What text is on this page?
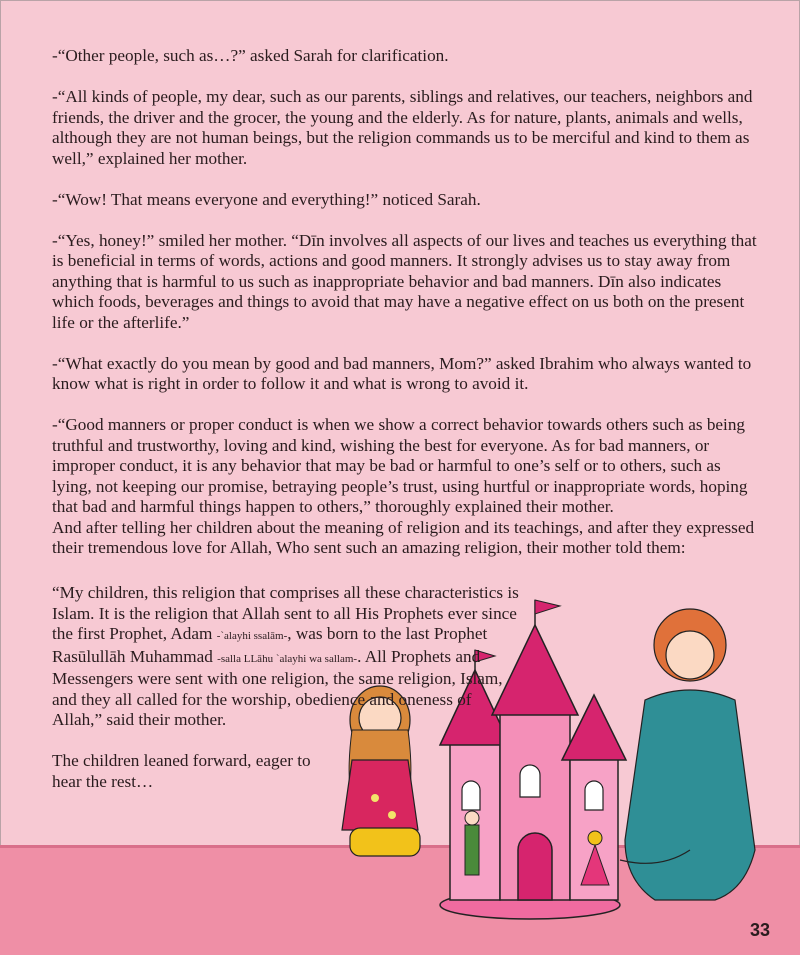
-“Other people, such as…?” asked Sarah for clarification.

-“All kinds of people, my dear, such as our parents, siblings and relatives, our teachers, neighbors and friends, the driver and the grocer, the young and the elderly. As for nature, plants, animals and wells, although they are not human beings, but the religion commands us to be merciful and kind to them as well,” explained her mother.

-“Wow! That means everyone and everything!” noticed Sarah.

-“Yes, honey!” smiled her mother. “Dīn involves all aspects of our lives and teaches us everything that is beneficial in terms of words, actions and good manners. It strongly advises us to stay away from anything that is harmful to us such as inappropriate behavior and bad manners. Dīn also indicates which foods, beverages and things to avoid that may have a negative effect on us both on the present life or the afterlife.”

-“What exactly do you mean by good and bad manners, Mom?” asked Ibrahim who always wanted to know what is right in order to follow it and what is wrong to avoid it.

-“Good manners or proper conduct is when we show a correct behavior towards others such as being truthful and trustworthy, loving and kind, wishing the best for everyone. As for bad manners, or improper conduct, it is any behavior that may be bad or harmful to one’s self or to others, such as lying, not keeping our promise, betraying people’s trust, using hurtful or inappropriate words, hoping that bad and harmful things happen to others,” thoroughly explained their mother.

And after telling her children about the meaning of religion and its teachings, and after they expressed their tremendous love for Allah, Who sent such an amazing religion, their mother told them:

“My children, this religion that comprises all these characteristics is Islam. It is the religion that Allah sent to all His Prophets ever since the first Prophet, Adam -`alayhi ssalām-, was born to the last Prophet Rasūlullāh Muhammad -salla LLāhu `alayhi wa sallam-. All Prophets and Messengers were sent with one religion, the same religion, Islam, and they all called for the worship, obedience and oneness of Allah,” said their mother.

The children leaned forward, eager to hear the rest…

33
